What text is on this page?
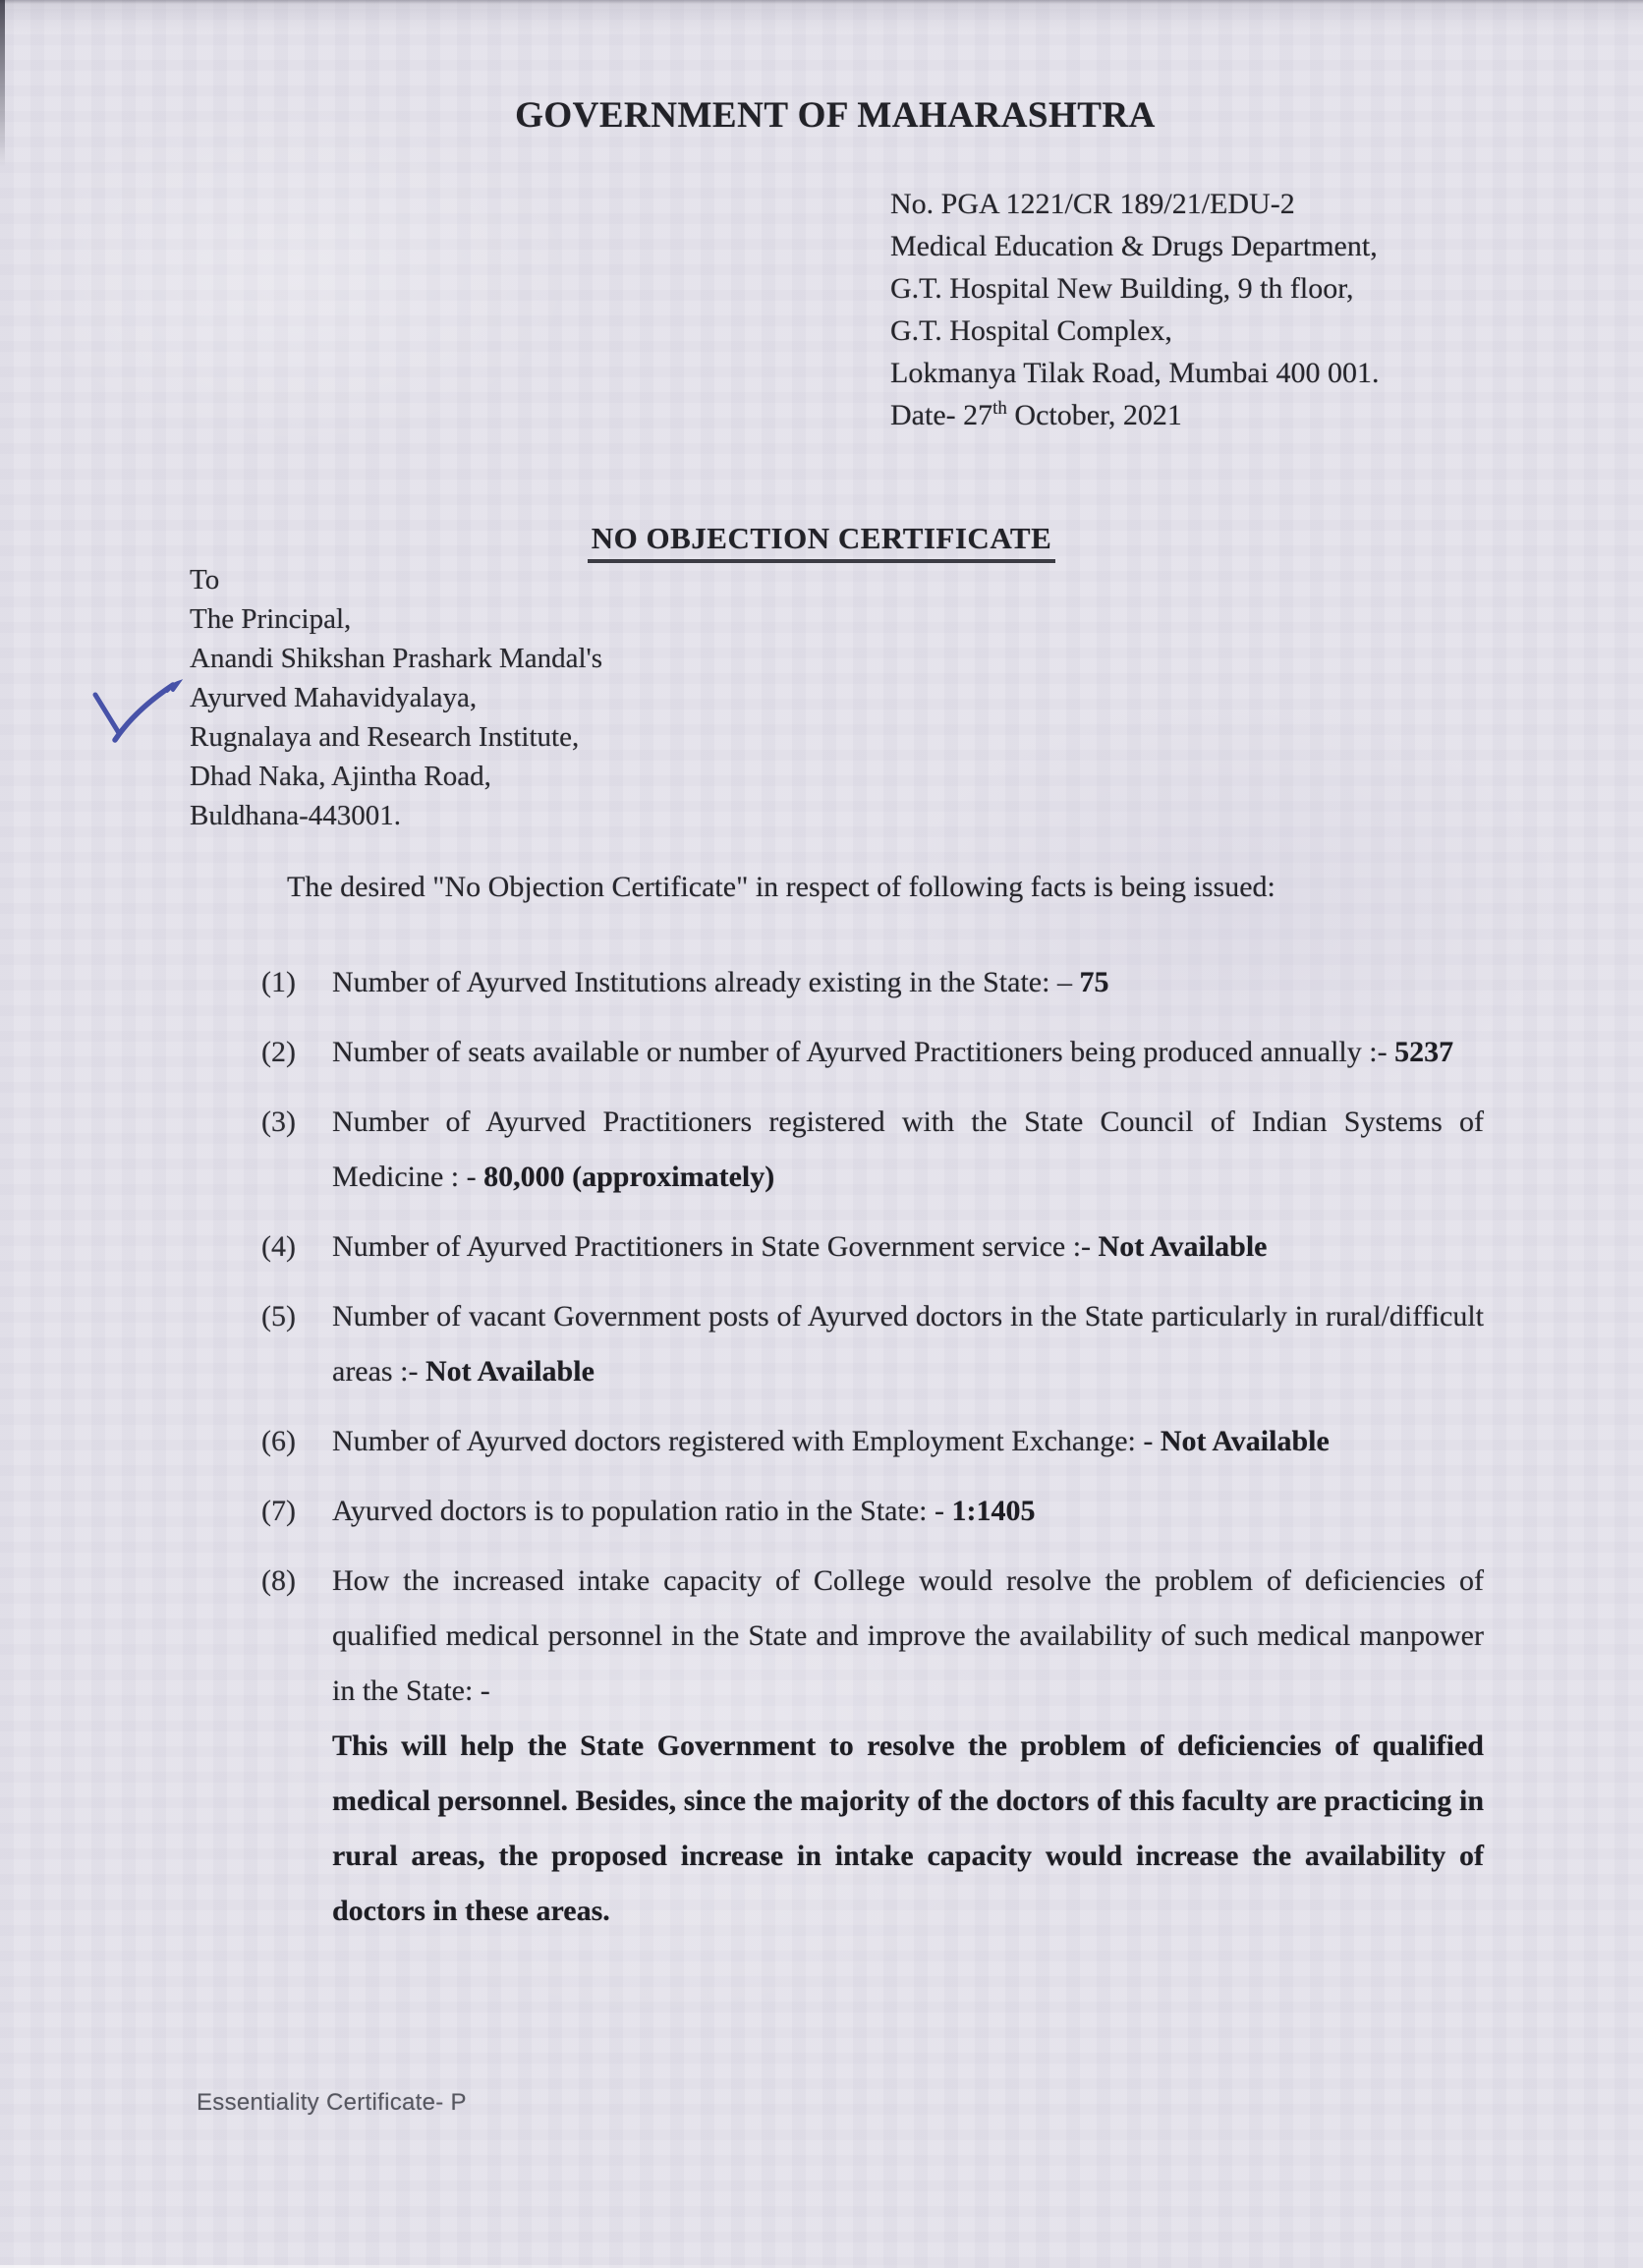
GOVERNMENT OF MAHARASHTRA
No. PGA 1221/CR 189/21/EDU-2
Medical Education & Drugs Department,
G.T. Hospital New Building, 9 th floor,
G.T. Hospital Complex,
Lokmanya Tilak Road, Mumbai 400 001.
Date- 27th October, 2021
NO OBJECTION CERTIFICATE
To
The Principal,
Anandi Shikshan Prashark Mandal's
Ayurved Mahavidyalaya,
Rugnalaya and Research Institute,
Dhad Naka, Ajintha Road,
Buldhana-443001.
The desired "No Objection Certificate" in respect of following facts is being issued:
(1)	Number of Ayurved Institutions already existing in the State: – 75
(2)	Number of seats available or number of Ayurved Practitioners being produced annually :- 5237
(3)	Number of Ayurved Practitioners registered with the State Council of Indian Systems of Medicine : - 80,000 (approximately)
(4)	Number of Ayurved Practitioners in State Government service :- Not Available
(5)	Number of vacant Government posts of Ayurved doctors in the State particularly in rural/difficult areas :- Not Available
(6)	Number of Ayurved doctors registered with Employment Exchange: - Not Available
(7)	Ayurved doctors is to population ratio in the State: - 1:1405
(8)	How the increased intake capacity of College would resolve the problem of deficiencies of qualified medical personnel in the State and improve the availability of such medical manpower in the State: -
This will help the State Government to resolve the problem of deficiencies of qualified medical personnel. Besides, since the majority of the doctors of this faculty are practicing in rural areas, the proposed increase in intake capacity would increase the availability of doctors in these areas.
Essentiality Certificate- P
